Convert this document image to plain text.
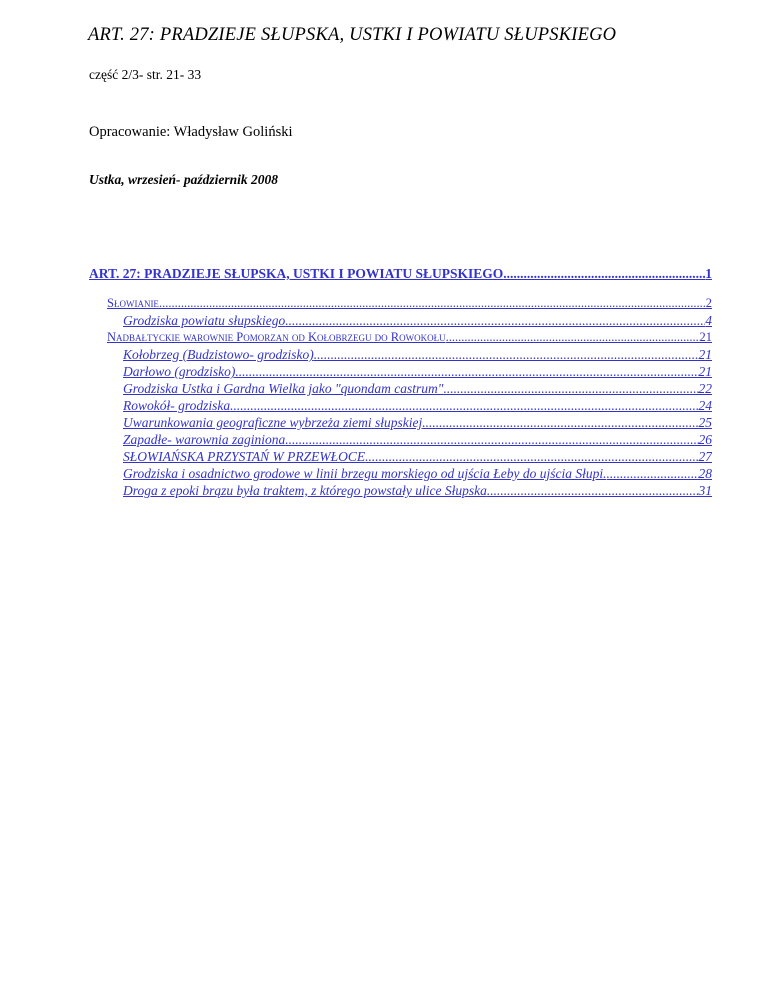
ART. 27: PRADZIEJE SŁUPSKA, USTKI I POWIATU SŁUPSKIEGO
część 2/3- str. 21- 33
Opracowanie: Władysław Goliński
Ustka, wrzesień- październik 2008
ART. 27: PRADZIEJE SŁUPSKA, USTKI I POWIATU SŁUPSKIEGO .....	1
Słowianie .....	2
Grodziska powiatu słupskiego .....	4
Nadbałtyckie warownie Pomorzan od Kołobrzegu do Rowokołu .....	21
Kołobrzeg (Budzistowo- grodzisko) .....	21
Darłowo (grodzisko) .....	21
Grodziska Ustka i Gardna Wielka jako "quondam castrum" .....	22
Rowokół- grodziska .....	24
Uwarunkowania geograficzne wybrzeża ziemi słupskiej .....	25
Zapadłe- warownia zaginiona .....	26
SŁOWIAŃSKA PRZYSTAŃ W PRZEWŁOCE .....	27
Grodziska i osadnictwo grodowe w linii brzegu morskiego od ujścia Łeby do ujścia Słupi. .....	28
Droga z epoki brązu była traktem, z którego powstały ulice Słupska .....	31
